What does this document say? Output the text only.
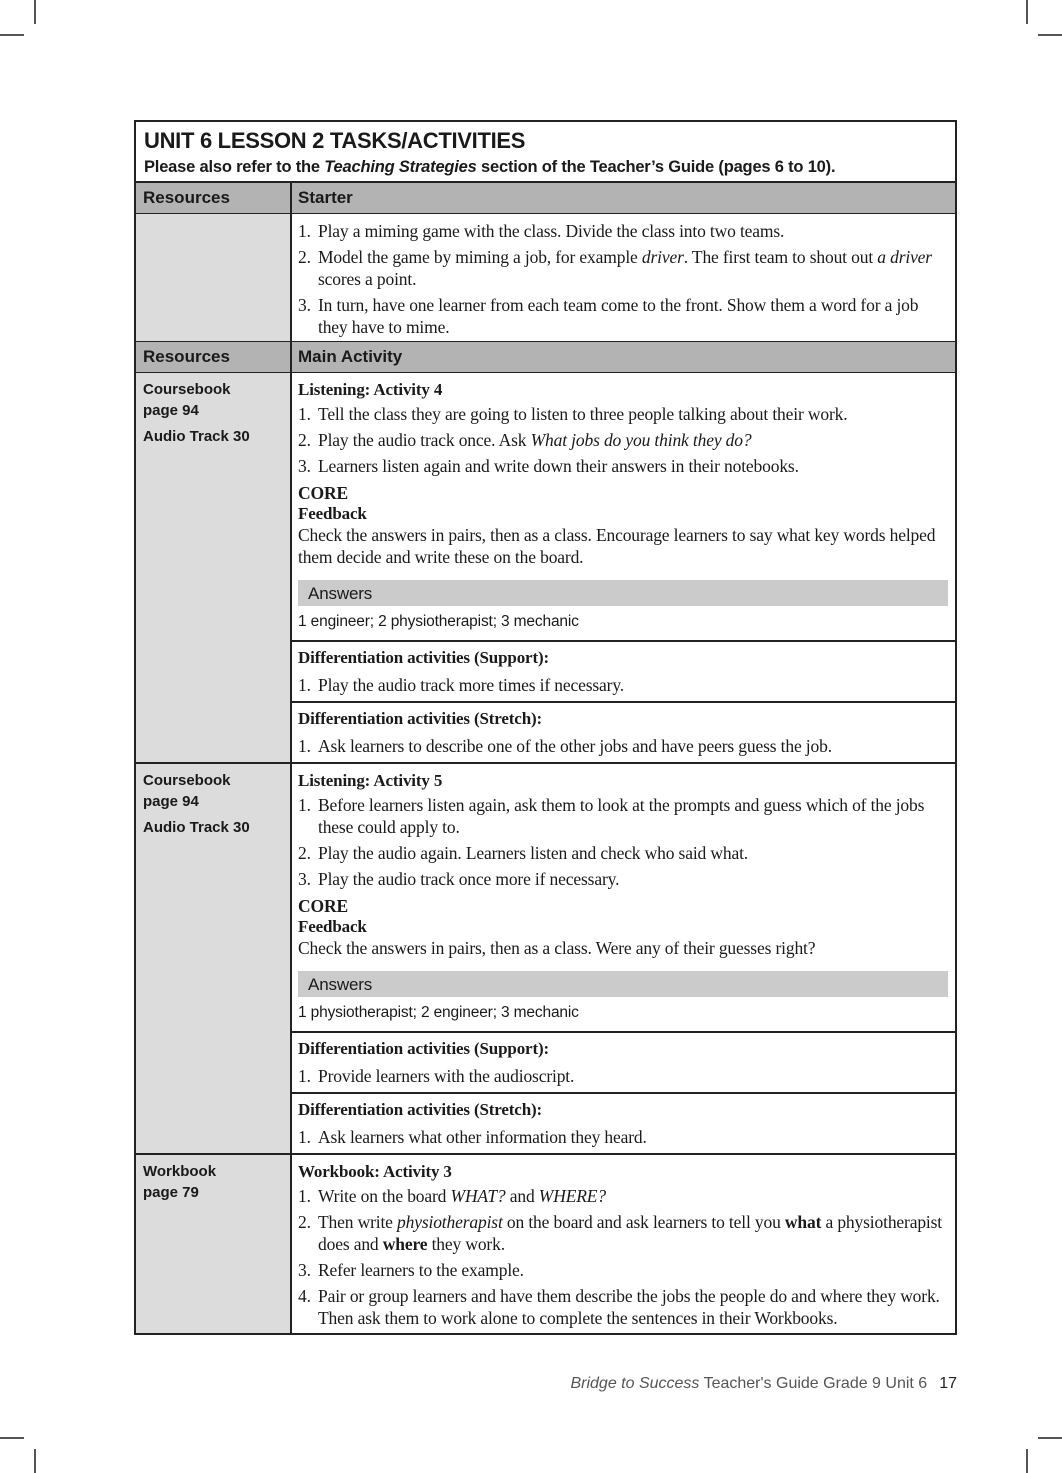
UNIT 6 LESSON 2 TASKS/ACTIVITIES
Please also refer to the Teaching Strategies section of the Teacher’s Guide (pages 6 to 10).
Resources	Starter
1. Play a miming game with the class. Divide the class into two teams.
2. Model the game by miming a job, for example driver. The first team to shout out a driver scores a point.
3. In turn, have one learner from each team come to the front. Show them a word for a job they have to mime.
Resources	Main Activity
Coursebook
page 94
Audio Track 30
Listening: Activity 4
1. Tell the class they are going to listen to three people talking about their work.
2. Play the audio track once. Ask What jobs do you think they do?
3. Learners listen again and write down their answers in their notebooks.
CORE
Feedback
Check the answers in pairs, then as a class. Encourage learners to say what key words helped them decide and write these on the board.
Answers
1 engineer; 2 physiotherapist; 3 mechanic
Differentiation activities (Support):
1. Play the audio track more times if necessary.
Differentiation activities (Stretch):
1. Ask learners to describe one of the other jobs and have peers guess the job.
Coursebook
page 94
Audio Track 30
Listening: Activity 5
1. Before learners listen again, ask them to look at the prompts and guess which of the jobs these could apply to.
2. Play the audio again. Learners listen and check who said what.
3. Play the audio track once more if necessary.
CORE
Feedback
Check the answers in pairs, then as a class. Were any of their guesses right?
Answers
1 physiotherapist; 2 engineer; 3 mechanic
Differentiation activities (Support):
1. Provide learners with the audioscript.
Differentiation activities (Stretch):
1. Ask learners what other information they heard.
Workbook
page 79
Workbook: Activity 3
1. Write on the board WHAT? and WHERE?
2. Then write physiotherapist on the board and ask learners to tell you what a physiotherapist does and where they work.
3. Refer learners to the example.
4. Pair or group learners and have them describe the jobs the people do and where they work. Then ask them to work alone to complete the sentences in their Workbooks.
Bridge to Success Teacher's Guide Grade 9 Unit 6 17
